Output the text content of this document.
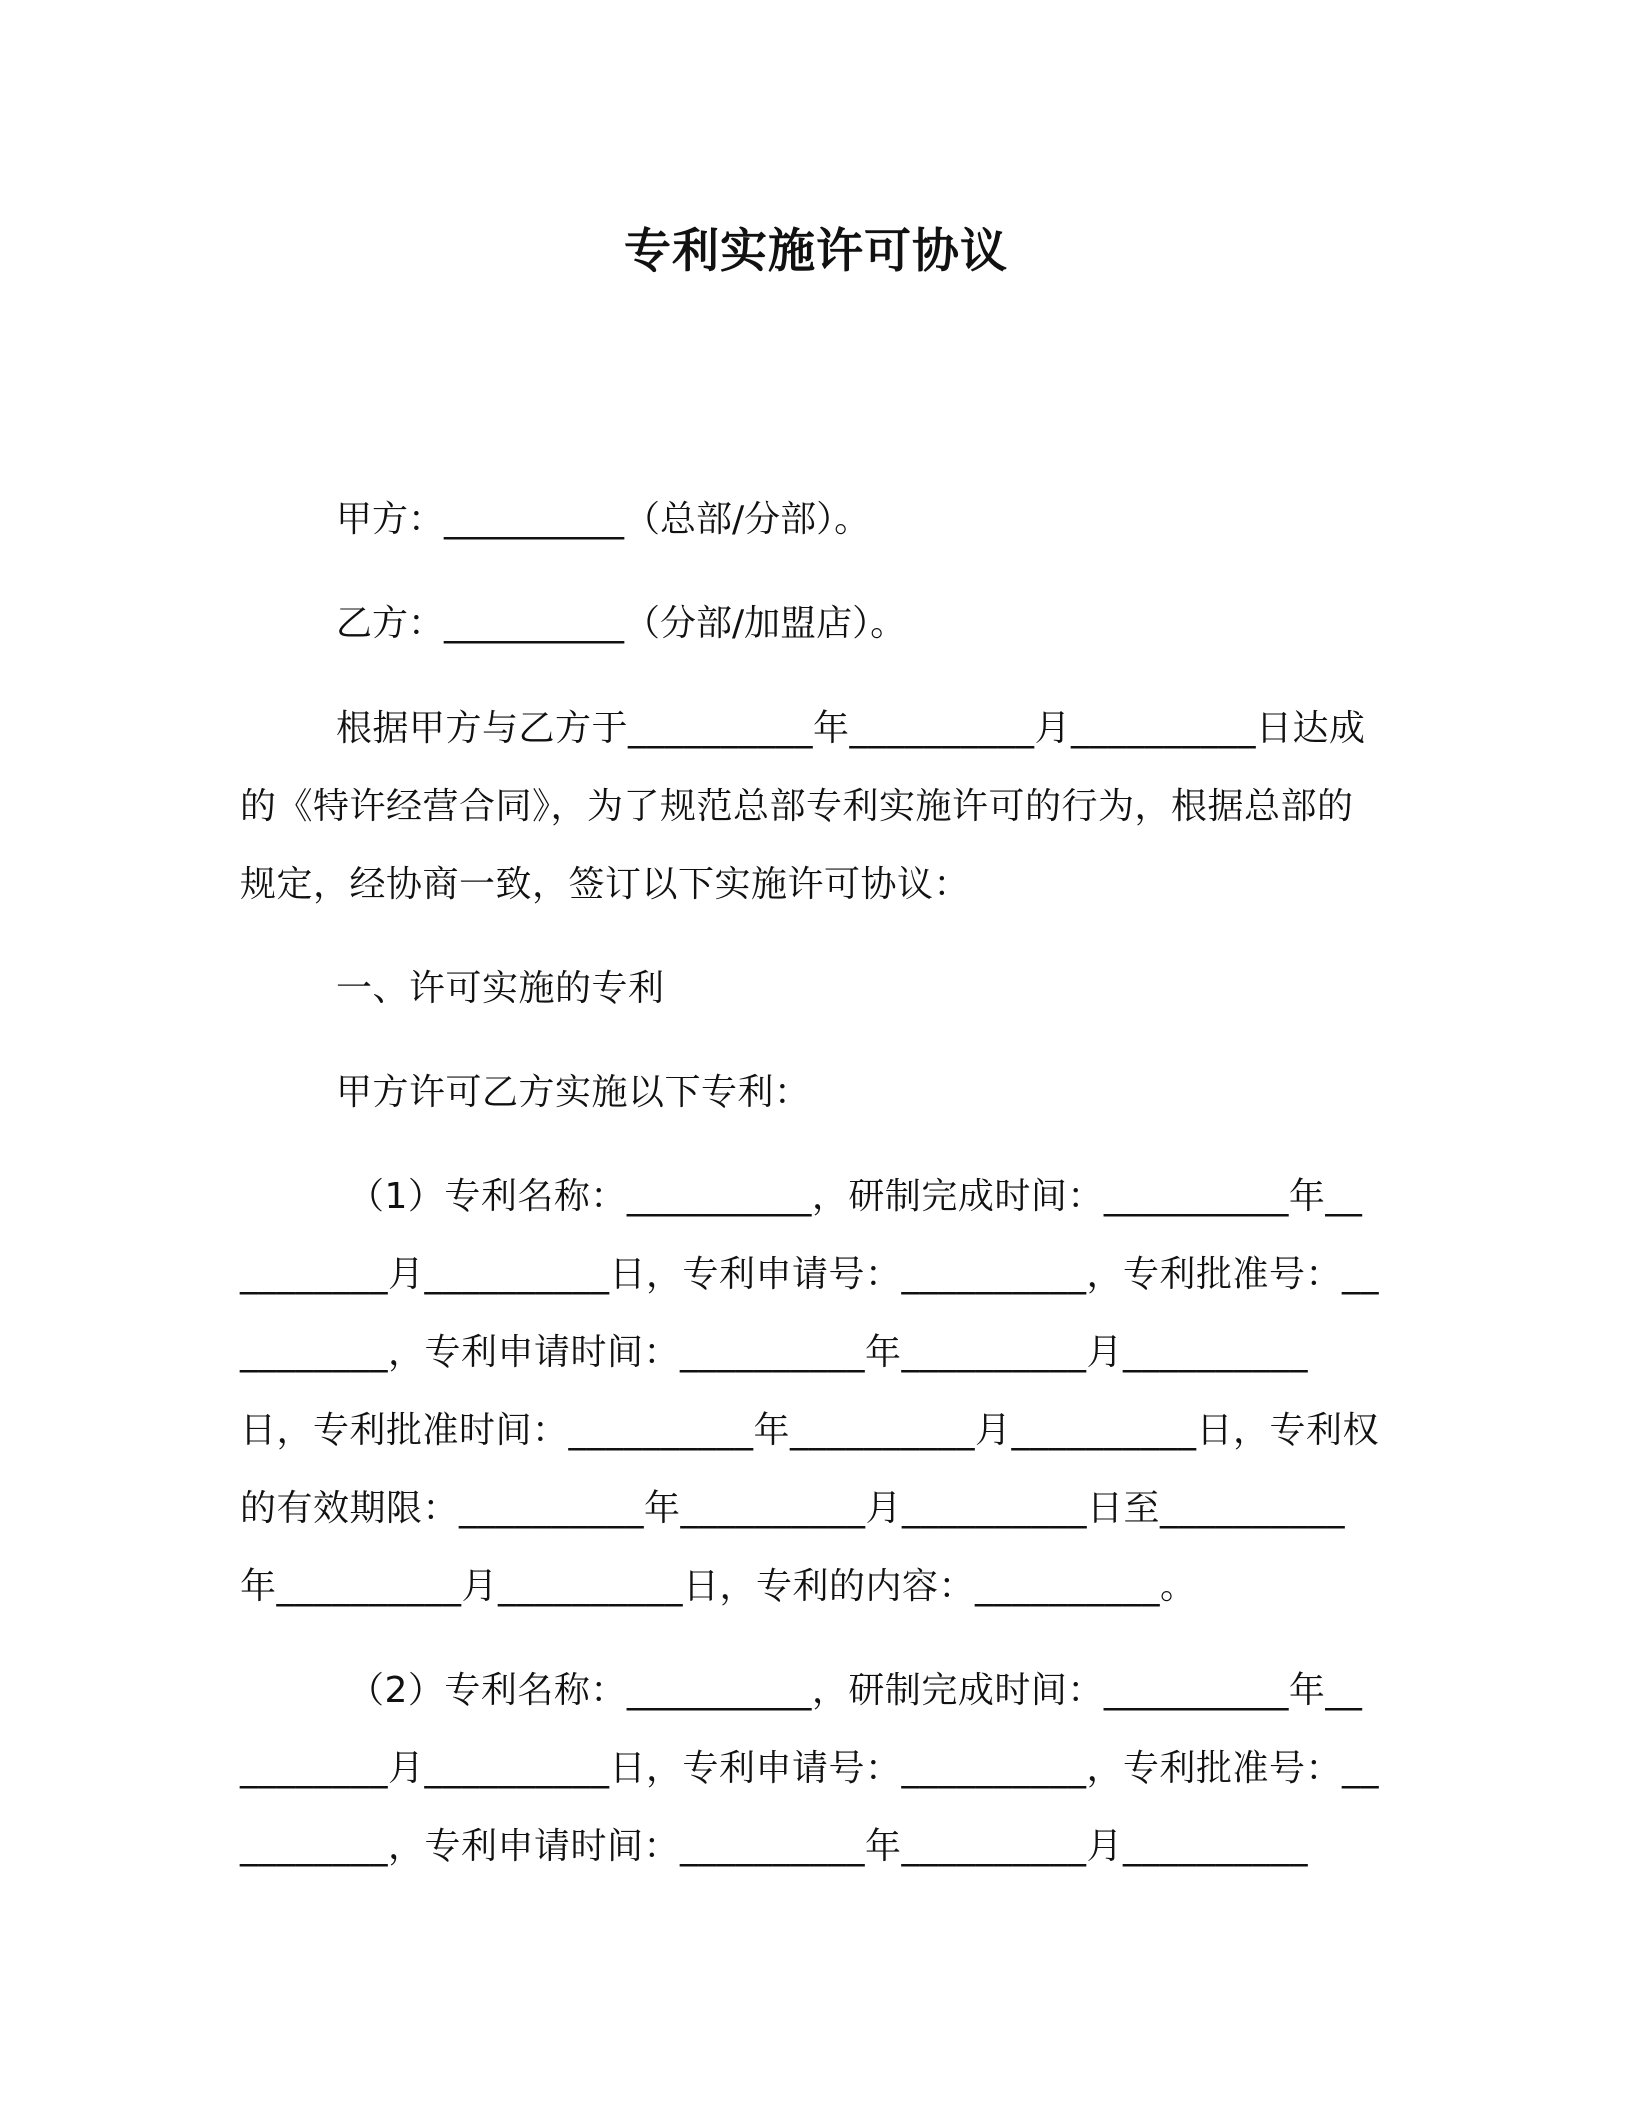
专利实施许可协议
甲方：__________（总部/分部）。
乙方：__________（分部/加盟店）。

根据甲方与乙方于__________年__________月__________日达成的《特许经营合同》，为了规范总部专利实施许可的行为，根据总部的规定，经协商一致，签订以下实施许可协议：

一、许可实施的专利

甲方许可乙方实施以下专利：

（1）专利名称：__________，研制完成时间：__________年__________月__________日，专利申请号：__________，专利批准号：__________，专利申请时间：__________年__________月__________日，专利批准时间：__________年__________月__________日，专利权的有效期限：__________年__________月__________日至__________年__________月__________日，专利的内容：__________。

（2）专利名称：__________，研制完成时间：__________年__________月__________日，专利申请号：__________，专利批准号：__________，专利申请时间：__________年__________月__________
